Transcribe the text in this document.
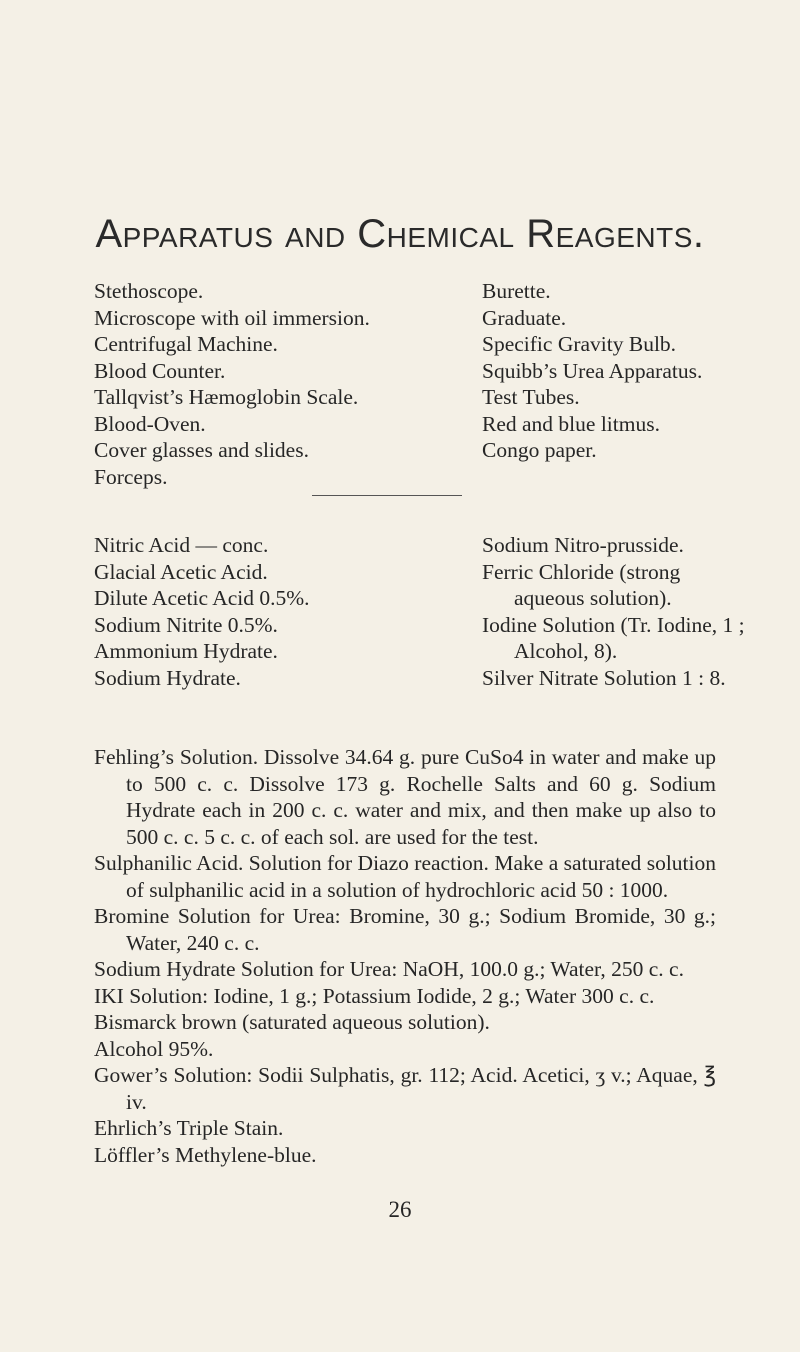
Apparatus and Chemical Reagents.
Stethoscope.
Microscope with oil immersion.
Centrifugal Machine.
Blood Counter.
Tallqvist’s Hæmoglobin Scale.
Blood-Oven.
Cover glasses and slides.
Forceps.
Burette.
Graduate.
Specific Gravity Bulb.
Squibb’s Urea Apparatus.
Test Tubes.
Red and blue litmus.
Congo paper.
Nitric Acid — conc.
Glacial Acetic Acid.
Dilute Acetic Acid 0.5%.
Sodium Nitrite 0.5%.
Ammonium Hydrate.
Sodium Hydrate.
Sodium Nitro-prusside.
Ferric Chloride (strong
aqueous solution).
Iodine Solution (Tr. Iodine, 1 ;
Alcohol, 8).
Silver Nitrate Solution 1 : 8.
Fehling’s Solution. Dissolve 34.64 g. pure CuSo4 in water and make up to 500 c. c. Dissolve 173 g. Rochelle Salts and 60 g. Sodium Hydrate each in 200 c. c. water and mix, and then make up also to 500 c. c. 5 c. c. of each sol. are used for the test.
Sulphanilic Acid. Solution for Diazo reaction. Make a saturated solution of sulphanilic acid in a solution of hydrochloric acid 50 : 1000.
Bromine Solution for Urea: Bromine, 30 g.; Sodium Bromide, 30 g.; Water, 240 c. c.
Sodium Hydrate Solution for Urea: NaOH, 100.0 g.; Water, 250 c. c.
IKI Solution: Iodine, 1 g.; Potassium Iodide, 2 g.; Water 300 c. c.
Bismarck brown (saturated aqueous solution).
Alcohol 95%.
Gower’s Solution: Sodii Sulphatis, gr. 112; Acid. Acetici, ʒ v.; Aquae, ℥ iv.
Ehrlich’s Triple Stain.
Löffler’s Methylene-blue.
26
